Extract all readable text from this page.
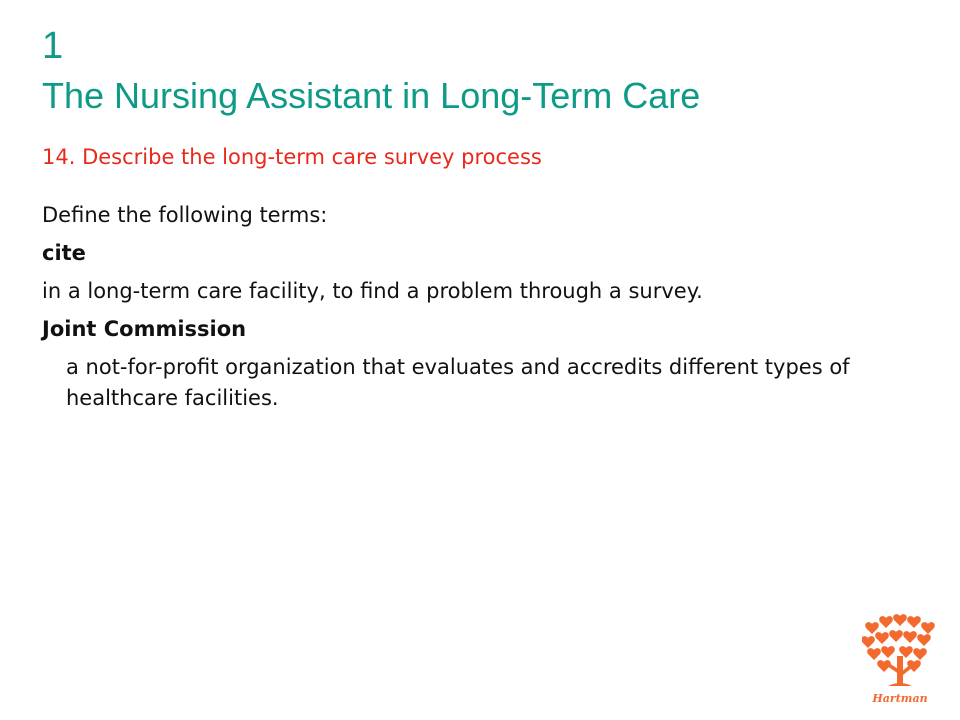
1
The Nursing Assistant in Long-Term Care
14. Describe the long-term care survey process
Define the following terms:
cite
in a long-term care facility, to find a problem through a survey.
Joint Commission
a not-for-profit organization that evaluates and accredits different types of healthcare facilities.
Hartman
